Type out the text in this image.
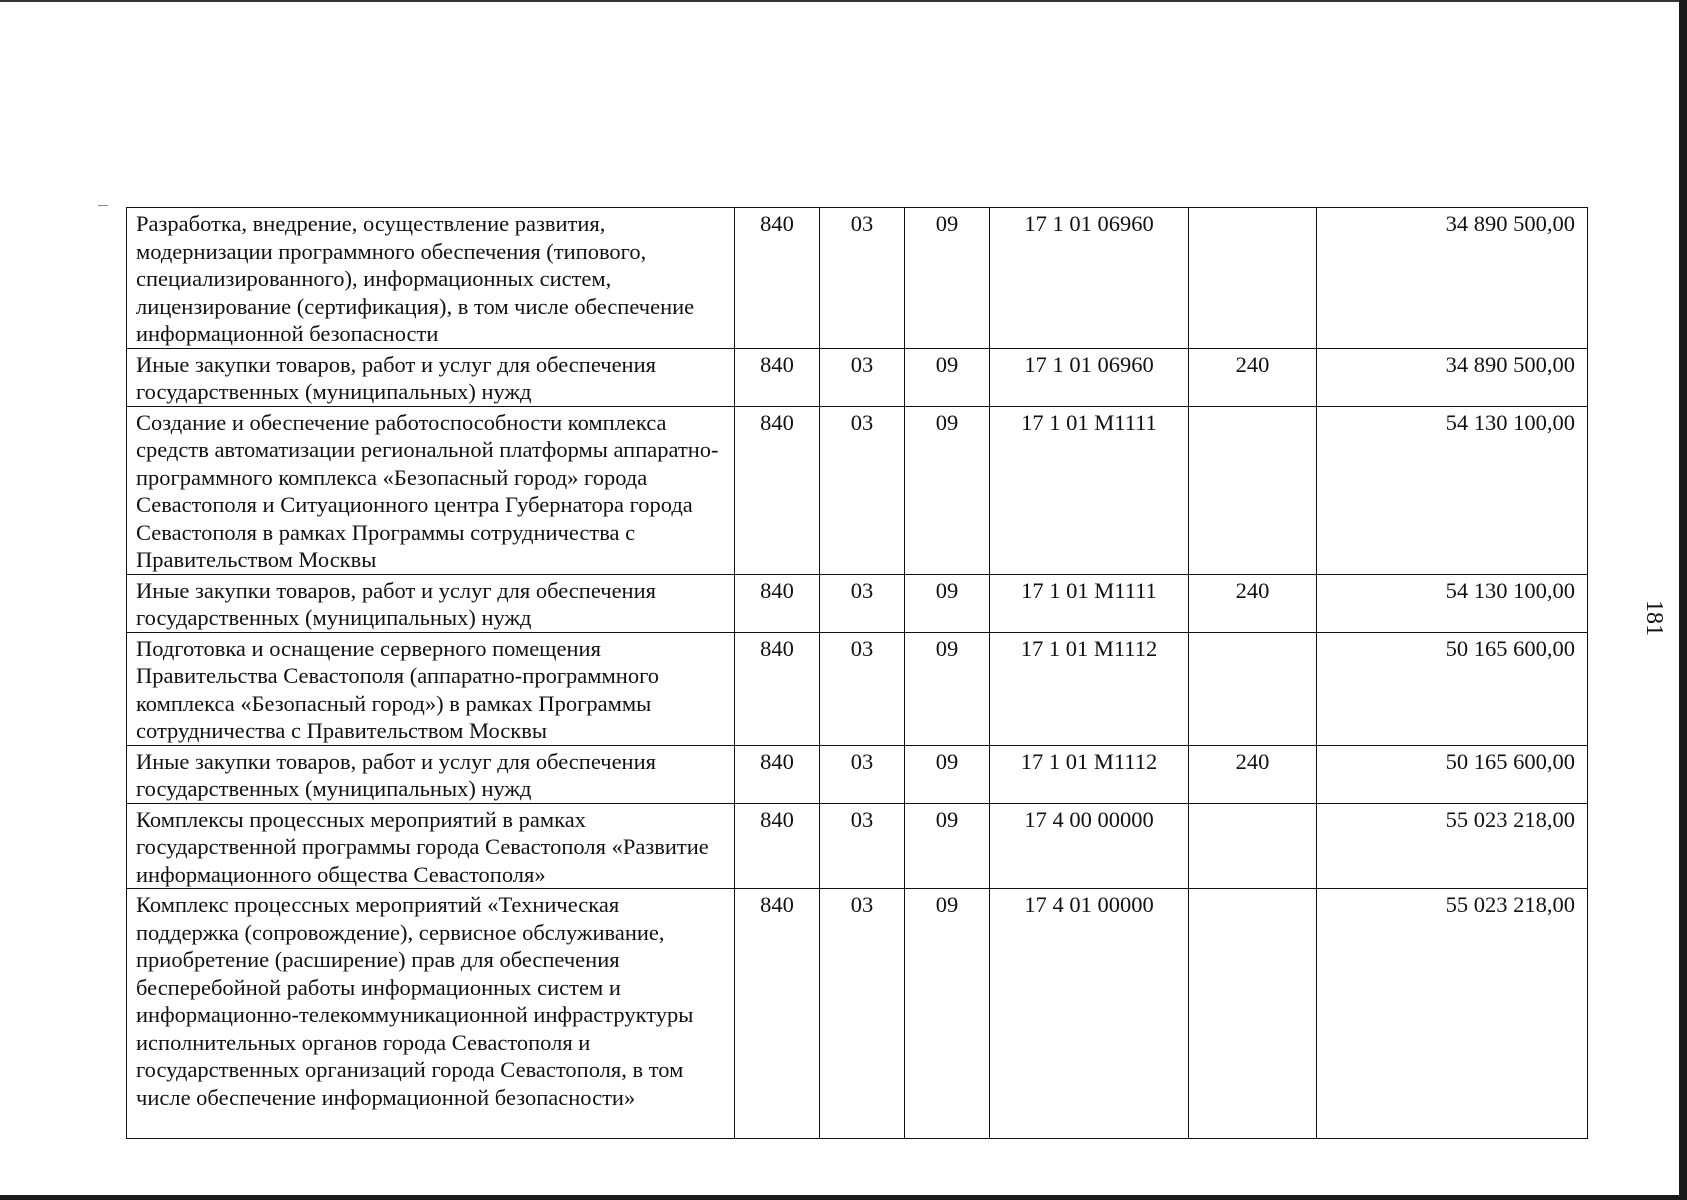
Разработка, внедрение, осуществление развития, модернизации программного обеспечения (типового, специализированного), информационных систем, лицензирование (сертификация), в том числе обеспечение информационной безопасности	840	03	09	17 1 01 06960		34 890 500,00
Иные закупки товаров, работ и услуг для обеспечения государственных (муниципальных) нужд	840	03	09	17 1 01 06960	240	34 890 500,00
Создание и обеспечение работоспособности комплекса средств автоматизации региональной платформы аппаратно-программного комплекса «Безопасный город» города Севастополя и Ситуационного центра Губернатора города Севастополя в рамках Программы сотрудничества с Правительством Москвы	840	03	09	17 1 01 M1111		54 130 100,00
Иные закупки товаров, работ и услуг для обеспечения государственных (муниципальных) нужд	840	03	09	17 1 01 M1111	240	54 130 100,00
Подготовка и оснащение серверного помещения Правительства Севастополя (аппаратно-программного комплекса «Безопасный город») в рамках Программы сотрудничества с Правительством Москвы	840	03	09	17 1 01 M1112		50 165 600,00
Иные закупки товаров, работ и услуг для обеспечения государственных (муниципальных) нужд	840	03	09	17 1 01 M1112	240	50 165 600,00
Комплексы процессных мероприятий в рамках государственной программы города Севастополя «Развитие информационного общества Севастополя»	840	03	09	17 4 00 00000		55 023 218,00
Комплекс процессных мероприятий «Техническая поддержка (сопровождение), сервисное обслуживание, приобретение (расширение) прав для обеспечения бесперебойной работы информационных систем и информационно-телекоммуникационной инфраструктуры исполнительных органов города Севастополя и государственных организаций города Севастополя, в том числе обеспечение информационной безопасности»	840	03	09	17 4 01 00000		55 023 218,00
181
